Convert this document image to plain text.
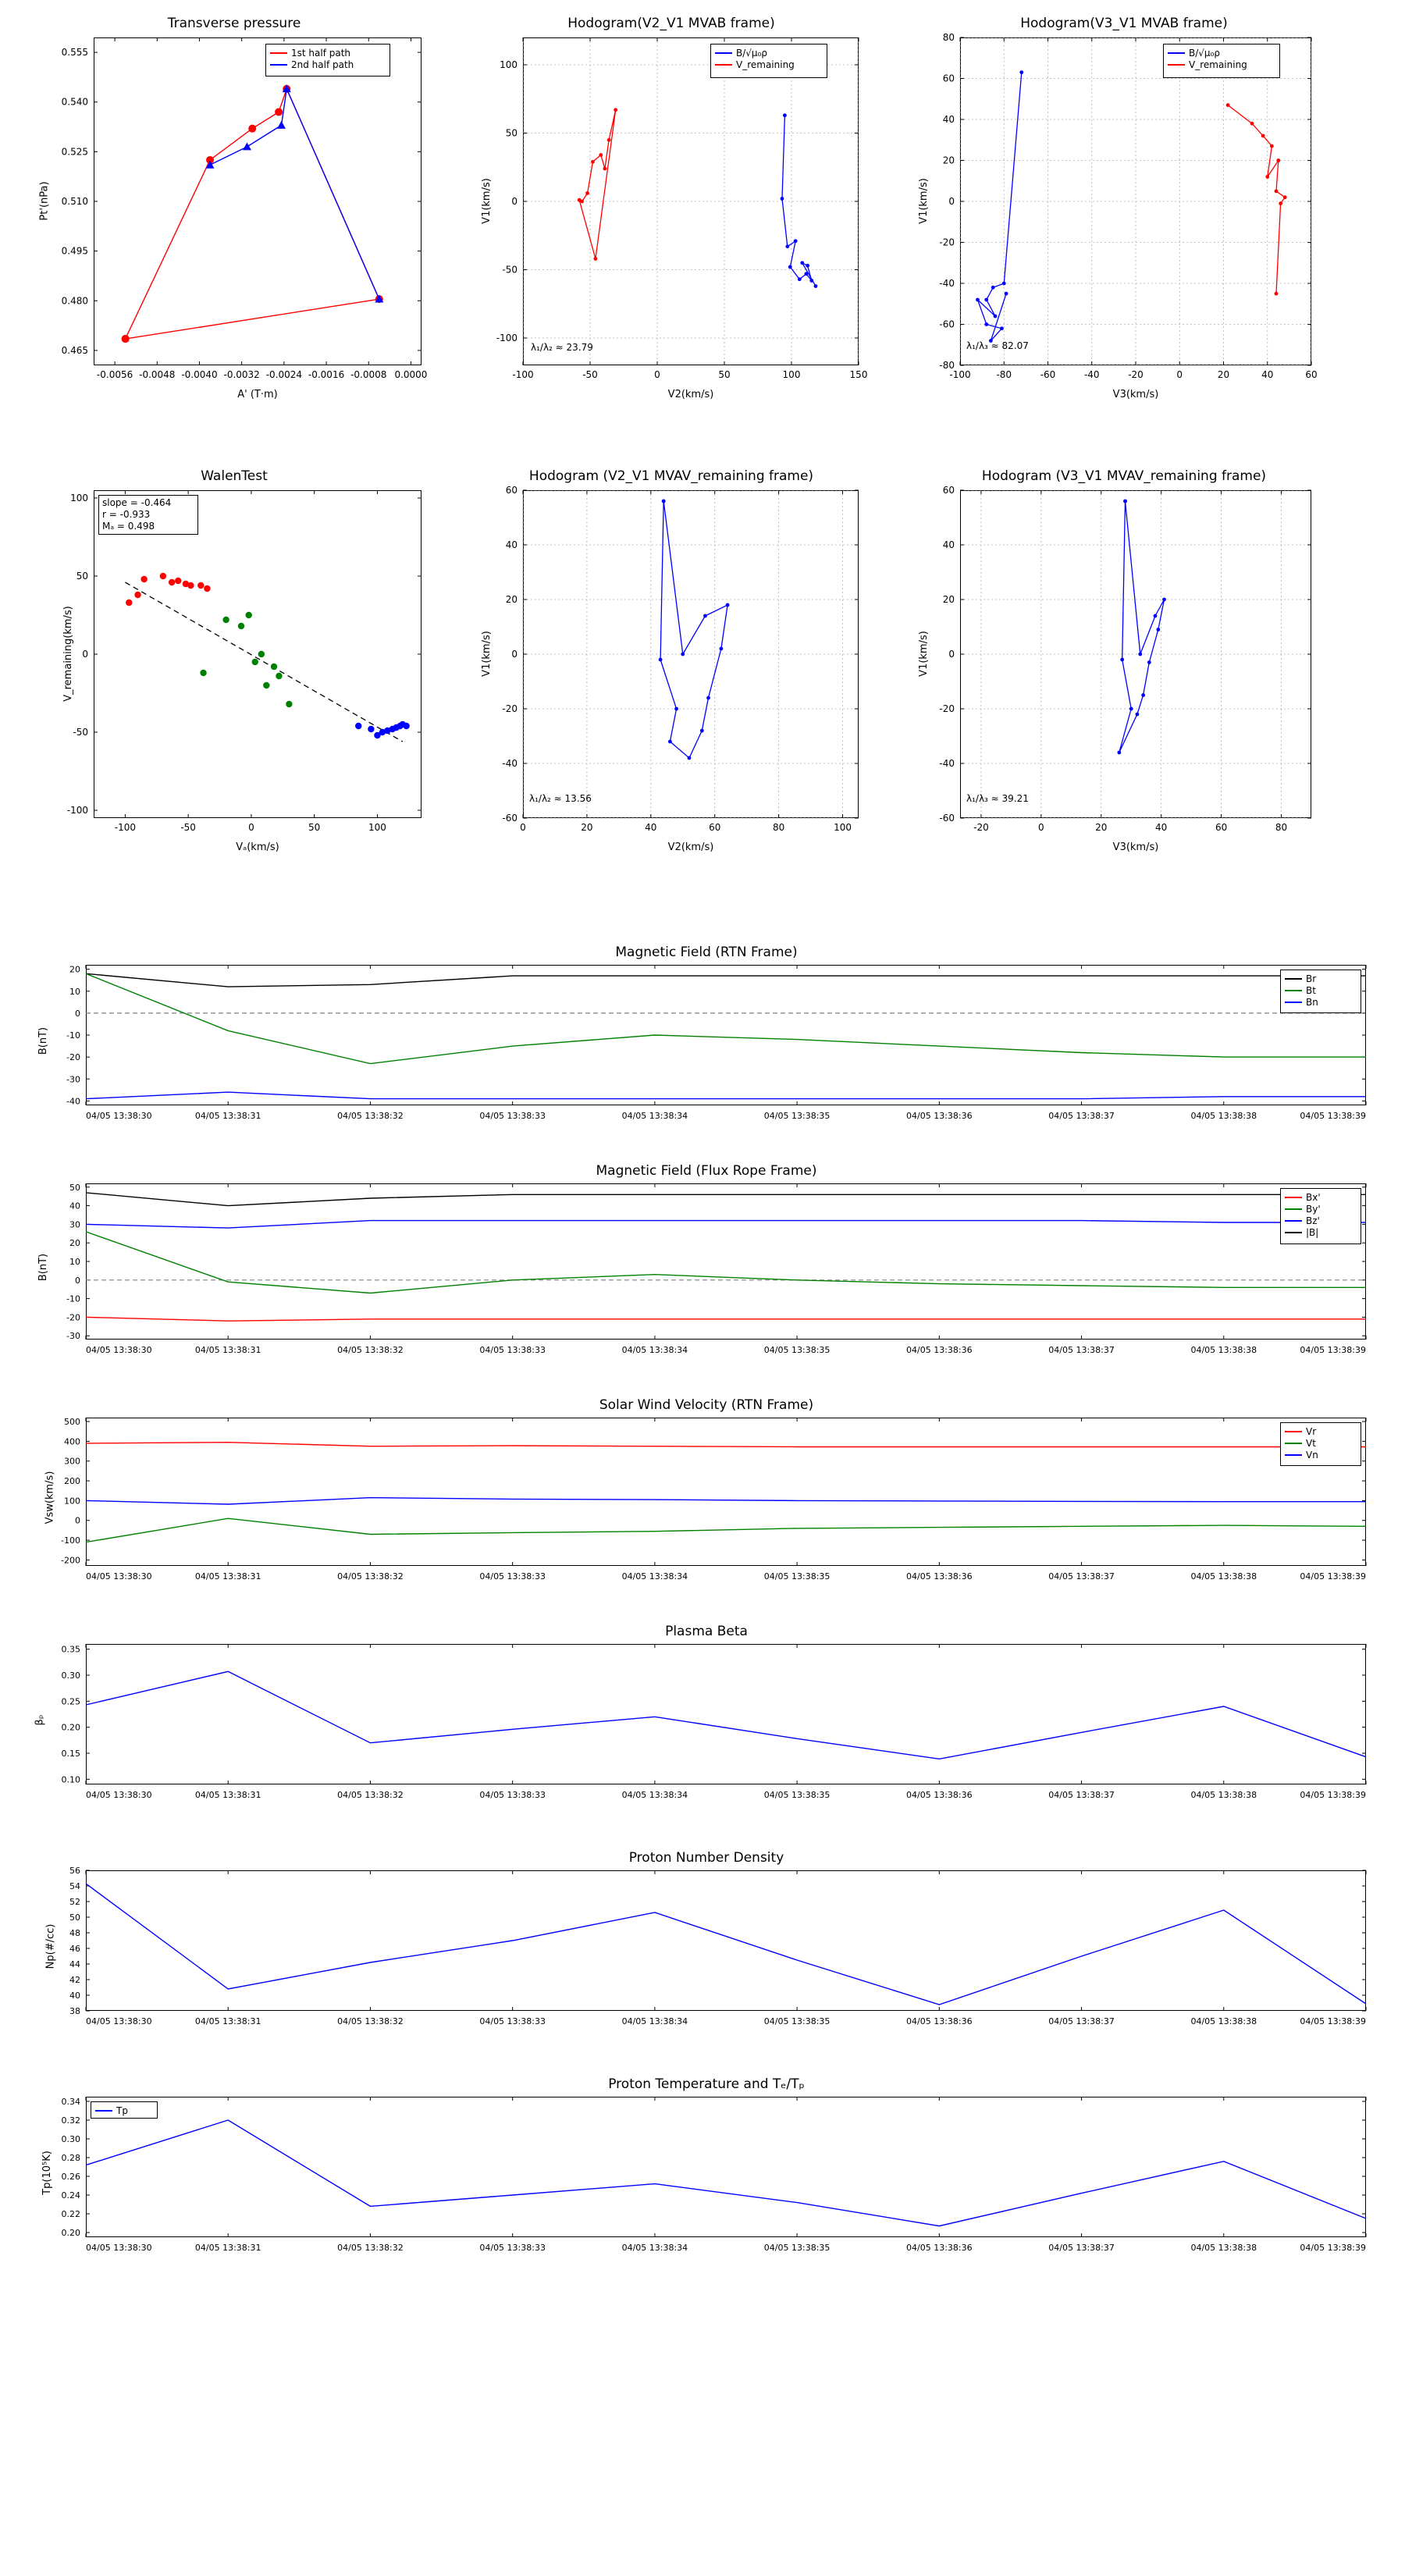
Transverse pressure
-0.0056 -0.0048 -0.0040 -0.0032 -0.0024 -0.0016 -0.0008 0.0000
0.465
0.480
0.495
0.510
0.525
0.540
0.555
Pt'(nPa)
A' (T·m)
1st half path
2nd half path
Hodogram(V2_V1 MVAB frame)
-100	-50	0	50	100	150
-100
-50
0
50
100
V1(km/s)
V2(km/s)
B/√μ₀ρ
V_remaining
λ₁/λ₂ ≈ 23.79
Hodogram(V3_V1 MVAB frame)
-100	-80	-60	-40	-20	0	20	40	60
-80
-60
-40
-20
0
20
40
60
80
V1(km/s)
V3(km/s)
B/√μ₀ρ
V_remaining
λ₁/λ₃ ≈ 82.07
WalenTest
-100	-50	0	50	100
-100
-50
0
50
100
V_remaining(km/s)
Vₐ(km/s)
slope = -0.464
r = -0.933
Mₐ = 0.498
Hodogram (V2_V1 MVAV_remaining frame)
0	20	40	60	80	100
-60
-40
-20
0
20
40
60
V1(km/s)
V2(km/s)
λ₁/λ₂ ≈ 13.56
Hodogram (V3_V1 MVAV_remaining frame)
-20	0	20	40	60	80
-60
-40
-20
0
20
40
60
V1(km/s)
V3(km/s)
λ₁/λ₃ ≈ 39.21
Magnetic Field (RTN Frame)
04/05 13:38:30	04/05 13:38:31	04/05 13:38:32	04/05 13:38:33	04/05 13:38:34	04/05 13:38:35	04/05 13:38:36	04/05 13:38:37	04/05 13:38:38	04/05 13:38:39
-40
-30
-20
-10
0
10
20
B(nT)
Br
Bt
Bn
Magnetic Field (Flux Rope Frame)
04/05 13:38:30	04/05 13:38:31	04/05 13:38:32	04/05 13:38:33	04/05 13:38:34	04/05 13:38:35	04/05 13:38:36	04/05 13:38:37	04/05 13:38:38	04/05 13:38:39
-30
-20
-10
0
10
20
30
40
50
B(nT)
Bx'
By'
Bz'
|B|
Solar Wind Velocity (RTN Frame)
04/05 13:38:30	04/05 13:38:31	04/05 13:38:32	04/05 13:38:33	04/05 13:38:34	04/05 13:38:35	04/05 13:38:36	04/05 13:38:37	04/05 13:38:38	04/05 13:38:39
-200
-100
0
100
200
300
400
500
Vsw(km/s)
Vr
Vt
Vn
Plasma Beta
04/05 13:38:30	04/05 13:38:31	04/05 13:38:32	04/05 13:38:33	04/05 13:38:34	04/05 13:38:35	04/05 13:38:36	04/05 13:38:37	04/05 13:38:38	04/05 13:38:39
0.10
0.15
0.20
0.25
0.30
0.35
βₚ
Proton Number Density
04/05 13:38:30	04/05 13:38:31	04/05 13:38:32	04/05 13:38:33	04/05 13:38:34	04/05 13:38:35	04/05 13:38:36	04/05 13:38:37	04/05 13:38:38	04/05 13:38:39
38
40
42
44
46
48
50
52
54
56
Np(#/cc)
Proton Temperature and Tₑ/Tₚ
04/05 13:38:30	04/05 13:38:31	04/05 13:38:32	04/05 13:38:33	04/05 13:38:34	04/05 13:38:35	04/05 13:38:36	04/05 13:38:37	04/05 13:38:38	04/05 13:38:39
0.20
0.22
0.24
0.26
0.28
0.30
0.32
0.34
Tp(10⁵K)
Tp
